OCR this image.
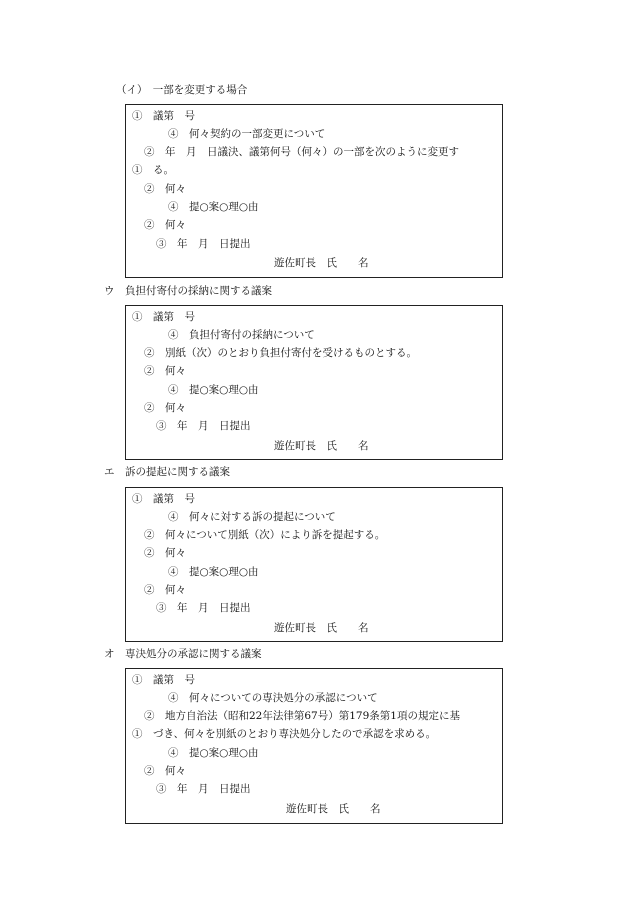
（イ）　一部を変更する場合
①　議第　号
④　何々契約の一部変更について
②　年　月　日議決、議第何号（何々）の一部を次のように変更す
①　る。
②　何々
④　提○案○理○由
②　何々
③　年　月　日提出
遊佐町長　氏　　名
ウ　負担付寄付の採納に関する議案
①　議第　号
④　負担付寄付の採納について
②　別紙（次）のとおり負担付寄付を受けるものとする。
②　何々
④　提○案○理○由
②　何々
③　年　月　日提出
遊佐町長　氏　　名
エ　訴の提起に関する議案
①　議第　号
④　何々に対する訴の提起について
②　何々について別紙（次）により訴を提起する。
②　何々
④　提○案○理○由
②　何々
③　年　月　日提出
遊佐町長　氏　　名
オ　専決処分の承認に関する議案
①　議第　号
④　何々についての専決処分の承認について
②　地方自治法（昭和22年法律第67号）第179条第1項の規定に基
①　づき、何々を別紙のとおり専決処分したので承認を求める。
④　提○案○理○由
②　何々
③　年　月　日提出
遊佐町長　氏　　名
